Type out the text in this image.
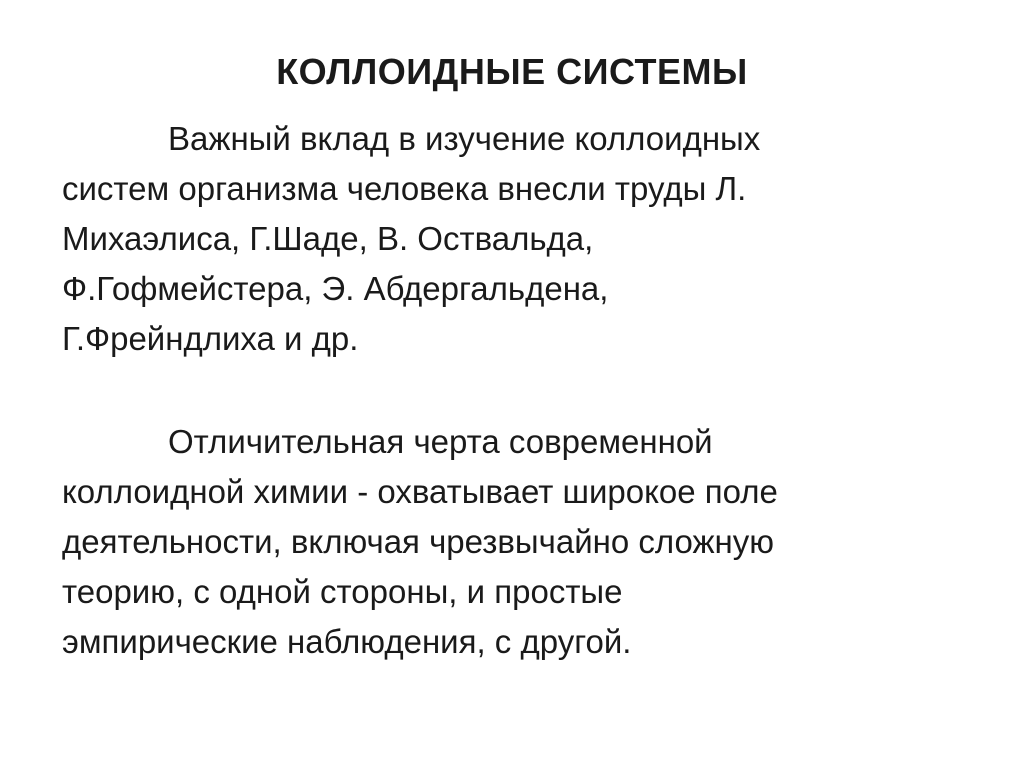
КОЛЛОИДНЫЕ СИСТЕМЫ

Важный вклад в изучение коллоидных
систем организма человека внесли труды Л.
Михаэлиса, Г.Шаде, В. Оствальда,
Ф.Гофмейстера, Э. Абдергальдена,
Г.Фрейндлиха и др.

Отличительная черта современной
коллоидной химии - охватывает широкое поле
деятельности, включая чрезвычайно сложную
теорию, с одной стороны, и простые
эмпирические наблюдения, с другой.
